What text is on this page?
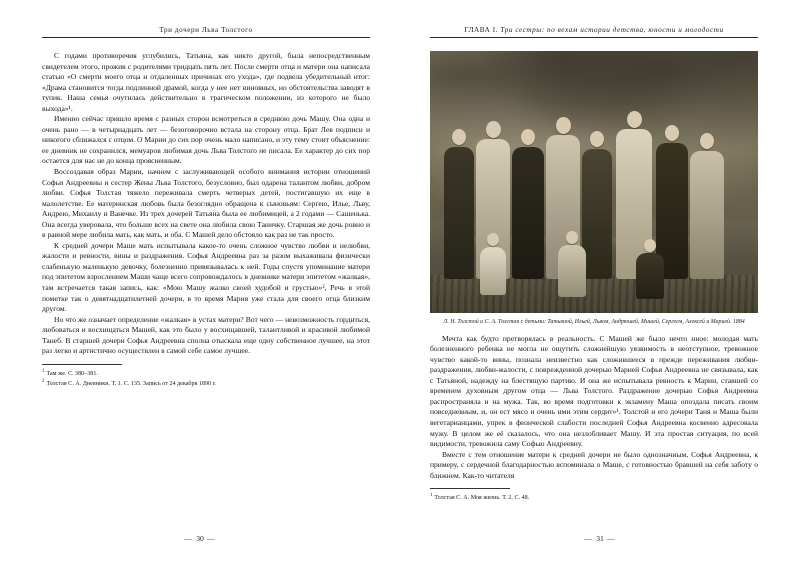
Три дочери Льва Толстого

С годами противоречия углубились, Татьяна, как никто другой, была непосредственным свидетелем этого, прожив с родителями тридцать пять лет. После смерти отца и матери она написала статью «О смерти моего отца и отдаленных причинах его ухода», где подвела убедительный итог: «Драма становится тогда подлинной драмой, когда у нее нет виновных, но обстоятельства заводят в тупик. Наша семья очутилась действительно в трагическом положении, из которого не было выхода»¹.

Именно сейчас пришло время с разных сторон всмотреться в среднюю дочь Машу. Она одна и очень рано — в четырнадцать лет — безоговорочно встала на сторону отца. Брат Лев подписи и никогого сближался с отцом. О Марии до сих пор очень мало написано, и эту тему стоит объяснение: ее дневник не сохранился, мемуаров любимая дочь Льва Толстого не писала. Ее характер до сих пор остается для нас не до конца проясненным.

Воссоздавая образ Марии, начнем с заслуживающей особого внимания истории отношений Софьи Андреевны и сестер Жены Льва Толстого, безусловно, был одарена талантом любви, добром любви. Софья Толстая тяжело переживала смерть четверых детей, постигавшую их еще в малолетстве. Ее материнская любовь была безоглядно обращена к сыновьям: Сергею, Илье, Льву, Андрею, Михаилу и Ванечке. Из трех дочерей Татьяна была ее любимицей, а 2 годами — Сашенька. Она всегда уверовала, что больше всех на свете она любила свою Таничку. Старшая же дочь ровно и в равной мере любила мать, как мать, и оба. С Машей дело обстояло как раз не так просто.

К средней дочери Маше мать испытывала какое-то очень сложное чувство любви и нелюбви, жалости и ревности, вины и раздражения. Софья Андреевна раз за разом выхаживала физически слабенькую маленькую девочку, болезненно привязывалась к ней. Годы спустя упоминание матери под эпитетом взрослением Маши чаще всего сопровождалось в дневнике матери эпитетом «жалкая», там встречается такая запись, как: «Мою Машу жалко своей худобой и грустью»², Речь в этой пометке так о девятнадцатилетней дочери, в то время Мария уже стала для своего отца близким другом.

Но что же означает определение «жалкая» в устах матери? Вот чего — невозможность гордиться, любоваться и восхищаться Машей, как это было у восхищавшей, талантливой и красивой любимой Танеб. В старшей дочери Софья Андреевна сполна отыскала еще одну собственное лучшее, на этот раз легко и артистично осуществлен в самой себе самое лучшее.

$^1$ Там же. С. 380–381.

$^2$ Толстая С. А. Дневники. Т. 1. С. 135. Запись от 24 декабря 1890 г.

— 30 —
ГЛАВА I. Три сестры: по вехам истории детства, юности и молодости
Л. Н. Толстой и С. А. Толстая с детьми: Татьяной, Ильей, Львом, Андрюшей, Мишей, Сергеем, Алексей и Марией. 1884

Мечта как будто претворялась в реальность. С Машей же было нечто иное: молодая мать болезненного ребенка не могла не ощутить сложнейшую уязвимость в неотступное, тревожное чувство какой-то вины, познала неизвестно как сложившееся в прежде переживания любви-раздражения, любви-жалости, с поврежденной дочерью Марией Софья Андреевна не связывала, как с Татьяной, надежду на блестящую партию. И она же испытывала ревность к Марии, ставшей со временем духовным другом отца — Льва Толстого. Раздражение дочерью Софья Андреевна распространяла и на мужа. Так, во время подготовки к экзамену Маша опоздала писать своим повседневным, и, он ест мясо и очень ими этим сердит»¹. Толстой и его дочери Таня и Маша были вегетарианцами, упрек в физической слабости последней Софья Андреевна косвенно адресовала мужу. В целом же её сказалось, что она незлобливает Машу. И эта простая ситуация, по всей видимости, тревожила саму Софью Андреевну.

Вместе с тем отношение матери к средней дочери не было однозначным, Софья Андреевна, к примеру, с сердечной благодарностью вспоминала о Маше, с готовностью бравшей на себя заботу о ближнем. Как-то читателя

$^1$ Толстая С. А. Моя жизнь. Т. 2. С. 48.

— 31 —
